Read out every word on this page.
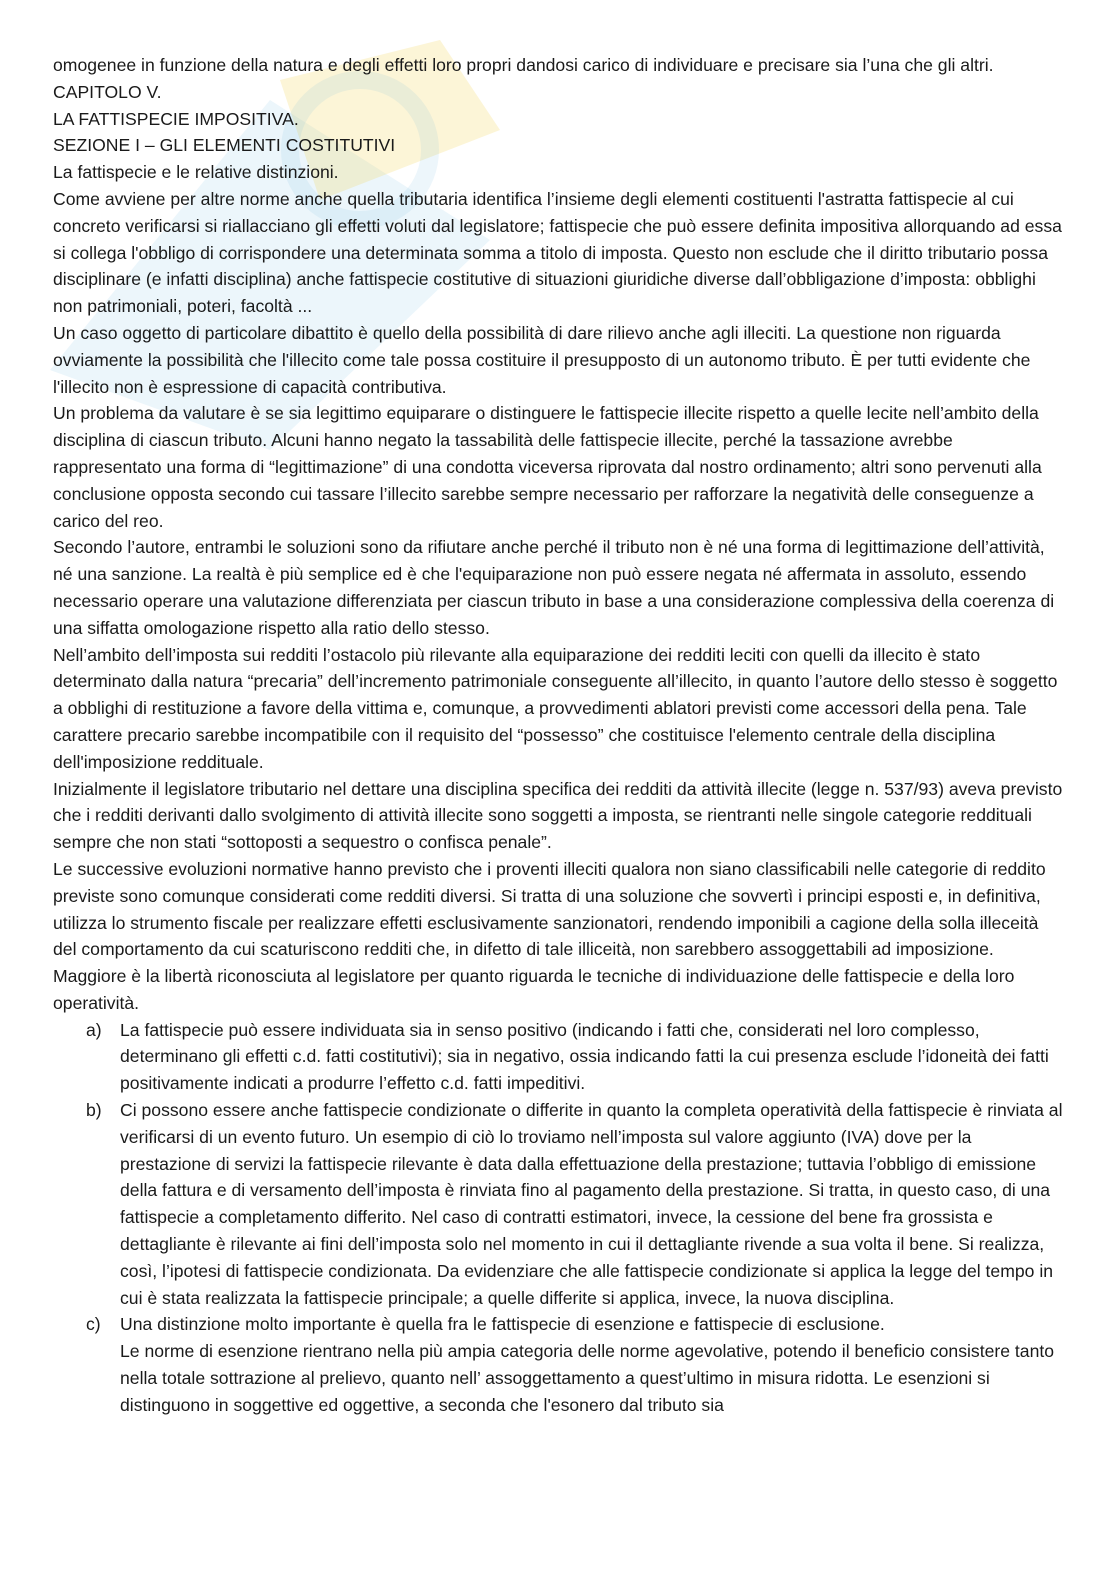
omogenee in funzione della natura e degli effetti loro propri dandosi carico di individuare e precisare sia l’una che gli altri.

CAPITOLO V.
LA FATTISPECIE IMPOSITIVA.
SEZIONE I – GLI ELEMENTI COSTITUTIVI
La fattispecie e le relative distinzioni.

Come avviene per altre norme anche quella tributaria identifica l’insieme degli elementi costituenti l'astratta fattispecie al cui concreto verificarsi si riallacciano gli effetti voluti dal legislatore; fattispecie che può essere definita impositiva allorquando ad essa si collega l'obbligo di corrispondere una determinata somma a titolo di imposta. Questo non esclude che il diritto tributario possa disciplinare (e infatti disciplina) anche fattispecie costitutive di situazioni giuridiche diverse dall’obbligazione d’imposta: obblighi non patrimoniali, poteri, facoltà ...

Un caso oggetto di particolare dibattito è quello della possibilità di dare rilievo anche agli illeciti. La questione non riguarda ovviamente la possibilità che l'illecito come tale possa costituire il presupposto di un autonomo tributo. È per tutti evidente che l'illecito non è espressione di capacità contributiva.

Un problema da valutare è se sia legittimo equiparare o distinguere le fattispecie illecite rispetto a quelle lecite nell’ambito della disciplina di ciascun tributo. Alcuni hanno negato la tassabilità delle fattispecie illecite, perché la tassazione avrebbe rappresentato una forma di “legittimazione” di una condotta viceversa riprovata dal nostro ordinamento; altri sono pervenuti alla conclusione opposta secondo cui tassare l’illecito sarebbe sempre necessario per rafforzare la negatività delle conseguenze a carico del reo.

Secondo l’autore, entrambi le soluzioni sono da rifiutare anche perché il tributo non è né una forma di legittimazione dell’attività, né una sanzione. La realtà è più semplice ed è che l'equiparazione non può essere negata né affermata in assoluto, essendo necessario operare una valutazione differenziata per ciascun tributo in base a una considerazione complessiva della coerenza di una siffatta omologazione rispetto alla ratio dello stesso.

Nell’ambito dell’imposta sui redditi l’ostacolo più rilevante alla equiparazione dei redditi leciti con quelli da illecito è stato determinato dalla natura “precaria” dell’incremento patrimoniale conseguente all’illecito, in quanto l’autore dello stesso è soggetto a obblighi di restituzione a favore della vittima e, comunque, a provvedimenti ablatori previsti come accessori della pena. Tale carattere precario sarebbe incompatibile con il requisito del “possesso” che costituisce l'elemento centrale della disciplina dell'imposizione reddituale.

Inizialmente il legislatore tributario nel dettare una disciplina specifica dei redditi da attività illecite (legge n. 537/93) aveva previsto che i redditi derivanti dallo svolgimento di attività illecite sono soggetti a imposta, se rientranti nelle singole categorie reddituali sempre che non stati “sottoposti a sequestro o confisca penale”.

Le successive evoluzioni normative hanno previsto che i proventi illeciti qualora non siano classificabili nelle categorie di reddito previste sono comunque considerati come redditi diversi. Si tratta di una soluzione che sovvertì i principi esposti e, in definitiva, utilizza lo strumento fiscale per realizzare effetti esclusivamente sanzionatori, rendendo imponibili a cagione della solla illeceità del comportamento da cui scaturiscono redditi che, in difetto di tale illiceità, non sarebbero assoggettabili ad imposizione.

Maggiore è la libertà riconosciuta al legislatore per quanto riguarda le tecniche di individuazione delle fattispecie e della loro operatività.

a) La fattispecie può essere individuata sia in senso positivo (indicando i fatti che, considerati nel loro complesso, determinano gli effetti c.d. fatti costitutivi); sia in negativo, ossia indicando fatti la cui presenza esclude l’idoneità dei fatti positivamente indicati a produrre l’effetto c.d. fatti impeditivi.
b) Ci possono essere anche fattispecie condizionate o differite in quanto la completa operatività della fattispecie è rinviata al verificarsi di un evento futuro. Un esempio di ciò lo troviamo nell’imposta sul valore aggiunto (IVA) dove per la prestazione di servizi la fattispecie rilevante è data dalla effettuazione della prestazione; tuttavia l’obbligo di emissione della fattura e di versamento dell’imposta è rinviata fino al pagamento della prestazione. Si tratta, in questo caso, di una fattispecie a completamento differito. Nel caso di contratti estimatori, invece, la cessione del bene fra grossista e dettagliante è rilevante ai fini dell’imposta solo nel momento in cui il dettagliante rivende a sua volta il bene. Si realizza, così, l’ipotesi di fattispecie condizionata. Da evidenziare che alle fattispecie condizionate si applica la legge del tempo in cui è stata realizzata la fattispecie principale; a quelle differite si applica, invece, la nuova disciplina.
c) Una distinzione molto importante è quella fra le fattispecie di esenzione e fattispecie di esclusione.
Le norme di esenzione rientrano nella più ampia categoria delle norme agevolative, potendo il beneficio consistere tanto nella totale sottrazione al prelievo, quanto nell’ assoggettamento a quest’ultimo in misura ridotta. Le esenzioni si distinguono in soggettive ed oggettive, a seconda che l'esonero dal tributo sia
